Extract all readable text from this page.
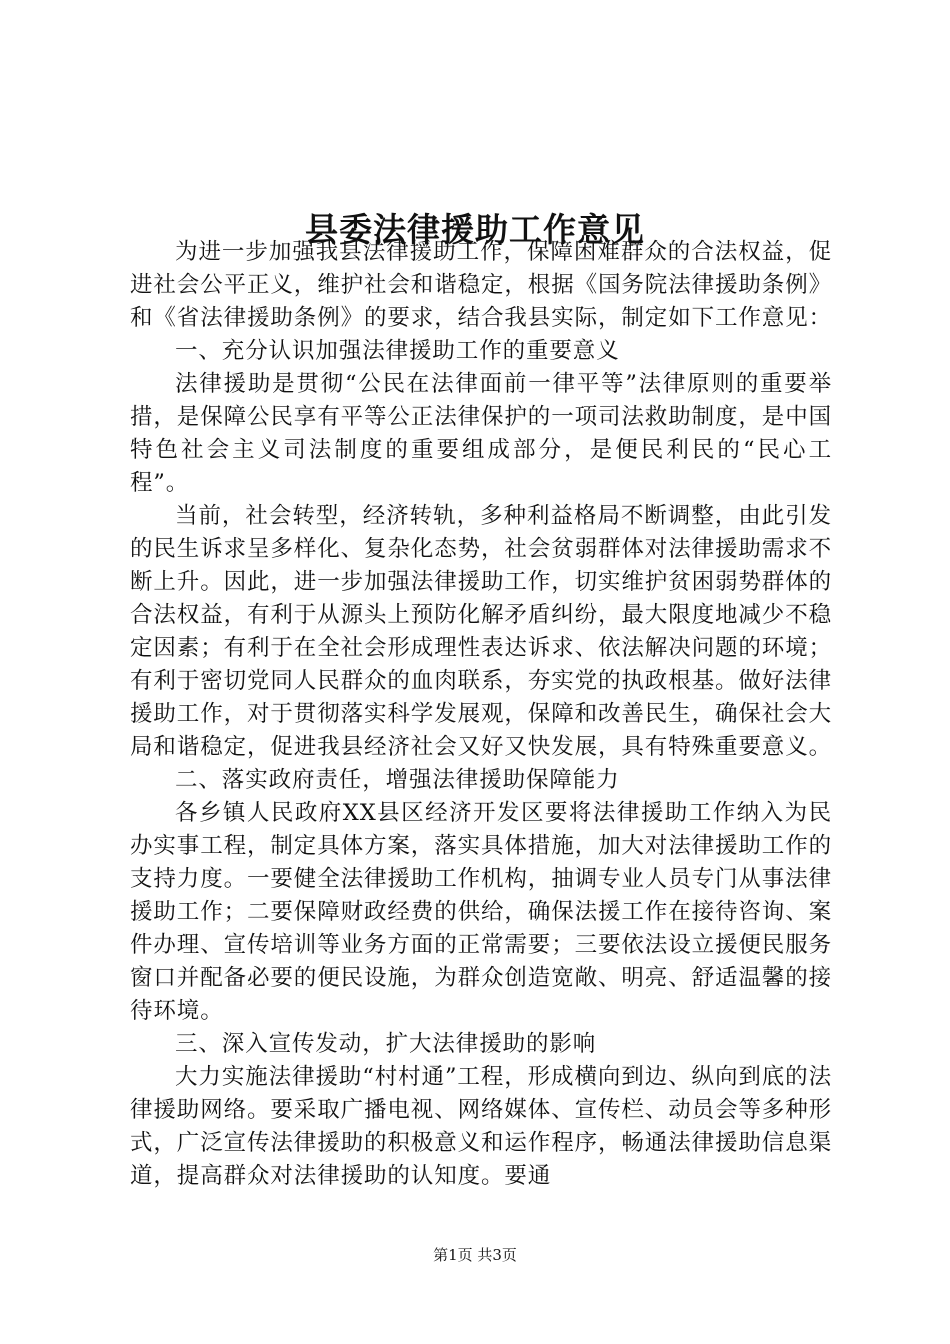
县委法律援助工作意见

为进一步加强我县法律援助工作，保障困难群众的合法权益，促进社会公平正义，维护社会和谐稳定，根据《国务院法律援助条例》和《省法律援助条例》的要求，结合我县实际，制定如下工作意见：

一、充分认识加强法律援助工作的重要意义

法律援助是贯彻“公民在法律面前一律平等”法律原则的重要举措，是保障公民享有平等公正法律保护的一项司法救助制度，是中国特色社会主义司法制度的重要组成部分，是便民利民的“民心工程”。

当前，社会转型，经济转轨，多种利益格局不断调整，由此引发的民生诉求呈多样化、复杂化态势，社会贫弱群体对法律援助需求不断上升。因此，进一步加强法律援助工作，切实维护贫困弱势群体的合法权益，有利于从源头上预防化解矛盾纠纷，最大限度地减少不稳定因素；有利于在全社会形成理性表达诉求、依法解决问题的环境；有利于密切党同人民群众的血肉联系，夯实党的执政根基。做好法律援助工作，对于贯彻落实科学发展观，保障和改善民生，确保社会大局和谐稳定，促进我县经济社会又好又快发展，具有特殊重要意义。

二、落实政府责任，增强法律援助保障能力

各乡镇人民政府XX县区经济开发区要将法律援助工作纳入为民办实事工程，制定具体方案，落实具体措施，加大对法律援助工作的支持力度。一要健全法律援助工作机构，抽调专业人员专门从事法律援助工作；二要保障财政经费的供给，确保法援工作在接待咨询、案件办理、宣传培训等业务方面的正常需要；三要依法设立援便民服务窗口并配备必要的便民设施，为群众创造宽敞、明亮、舒适温馨的接待环境。

三、深入宣传发动，扩大法律援助的影响

大力实施法律援助“村村通”工程，形成横向到边、纵向到底的法律援助网络。要采取广播电视、网络媒体、宣传栏、动员会等多种形式，广泛宣传法律援助的积极意义和运作程序，畅通法律援助信息渠道，提高群众对法律援助的认知度。要通

第1页 共3页
